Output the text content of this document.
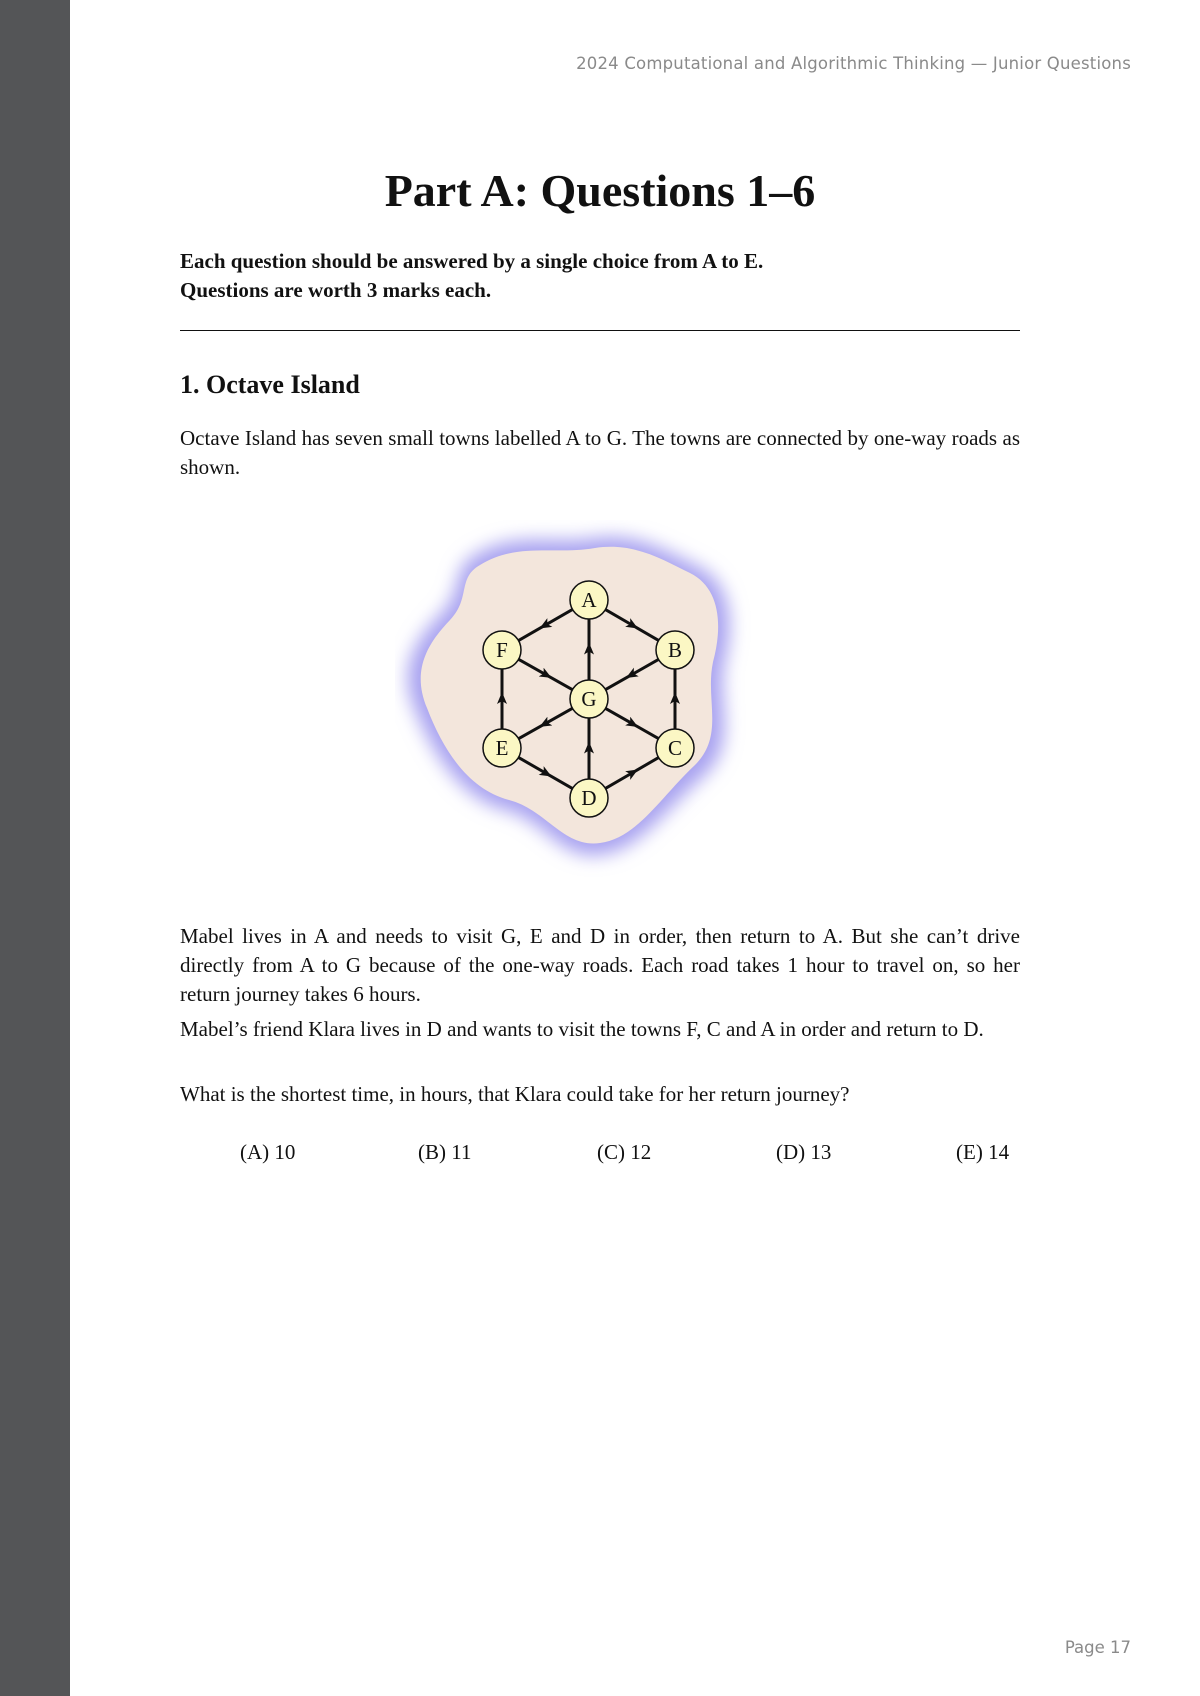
2024 Computational and Algorithmic Thinking — Junior Questions
Part A: Questions 1–6
Each question should be answered by a single choice from A to E.
Questions are worth 3 marks each.
1. Octave Island
Octave Island has seven small towns labelled A to G. The towns are connected by one-way roads as shown.
A
B
C
D
E
F
G
Mabel lives in A and needs to visit G, E and D in order, then return to A. But she can’t drive directly from A to G because of the one-way roads. Each road takes 1 hour to travel on, so her return journey takes 6 hours.
Mabel’s friend Klara lives in D and wants to visit the towns F, C and A in order and return to D.
What is the shortest time, in hours, that Klara could take for her return journey?
(A) 10	(B) 11	(C) 12	(D) 13	(E) 14
Page 17
